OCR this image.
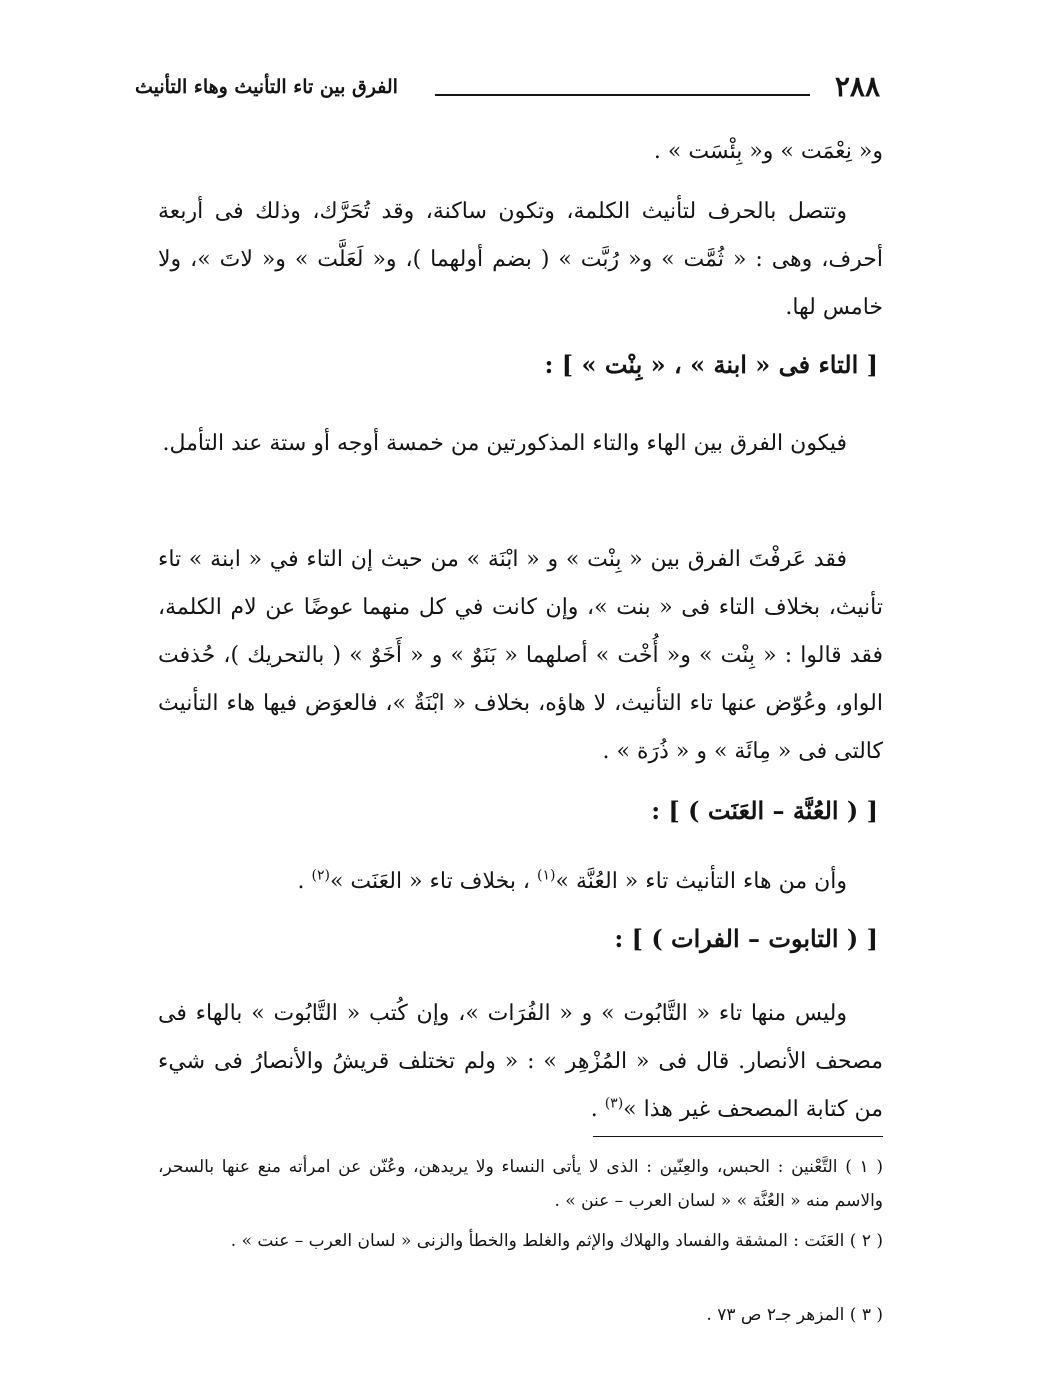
٢٨٨
الفرق بين تاء التأنيث وهاء التأنيث

و« نِعْمَت » و« بِئْسَت » .

وتتصل بالحرف لتأنيث الكلمة، وتكون ساكنة، وقد تُحَرَّك، وذلك فى أربعة أحرف، وهى : « ثُمَّت » و« رُبَّت » ( بضم أولهما )، و« لَعَلَّت » و« لاتَ »، ولا خامس لها.

[ التاء فى « ابنة » ، « بِنْت » ] :

فيكون الفرق بين الهاء والتاء المذكورتين من خمسة أوجه أو ستة عند التأمل.

فقد عَرفْتَ الفرق بين « بِنْت » و « ابْنَة » من حيث إن التاء في « ابنة » تاء تأنيث، بخلاف التاء فى « بنت »، وإن كانت في كل منهما عوضًا عن لام الكلمة، فقد قالوا : « بِنْت » و« أُخْت » أصلهما « بَنَوٌ » و « أَخَوٌ » ( بالتحريك )، حُذفت الواو، وعُوّض عنها تاء التأنيث، لا هاؤه، بخلاف « ابْنَةٌ »، فالعوَض فيها هاء التأنيث كالتى فى « مِائَة » و « ذُرَة » .

[ ( العُنَّة – العَنَت ) ] :

وأن من هاء التأنيث تاء « العُنَّة »$^{(١)}$ ، بخلاف تاء « العَنَت »$^{(٢)}$ .

[ ( التابوت – الفرات ) ] :

وليس منها تاء « التَّابُوت » و « الفُرَات »، وإن كُتب « التَّابُوت » بالهاء فى مصحف الأنصار. قال فى « المُزْهِر » : « ولم تختلف قريشُ والأنصارُ فى شيء من كتابة المصحف غير هذا »$^{(٣)}$ .

( ١ ) التَّعْنين : الحبس، والعِنّين : الذى لا يأتى النساء ولا يريدهن، وعُنّن عن امرأته منع عنها بالسحر، والاسم منه « العُنَّة » « لسان العرب – عنن » .

( ٢ ) العَنَت : المشقة والفساد والهلاك والإثم والغلط والخطأ والزنى « لسان العرب – عنت » .

( ٣ ) المزهر جـ٢ ص ٧٣ .
